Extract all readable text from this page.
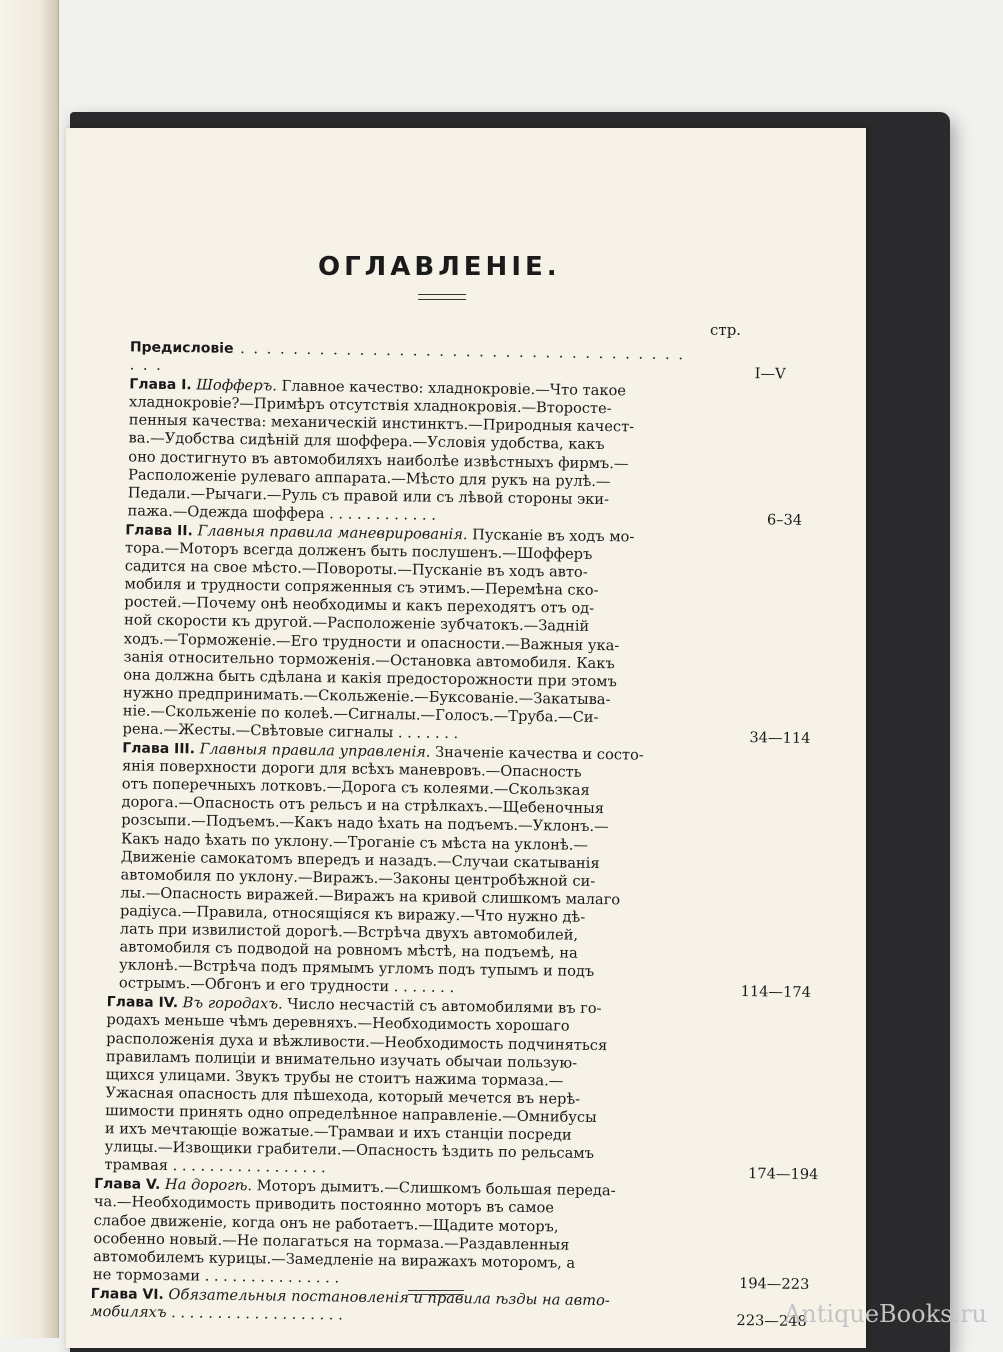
ОГЛАВЛЕНIЕ.
стр.
Предисловiе . . . . . . . . . . . . . . . . . . . . . . . . . . . . . . . . . . . . .	I—V
Глава I. Шофферъ. Главное качество: хладнокровiе.—Что такое
хладнокровiе?—Примѣръ отсутствiя хладнокровiя.—Второсте-
пенныя качества: механическiй инстинктъ.—Природныя качест-
ва.—Удобства сидѣнiй для шоффера.—Условiя удобства, какъ
оно достигнуто въ автомобиляхъ наиболѣе извѣстныхъ фирмъ.—
Расположенiе рулеваго аппарата.—Мѣсто для рукъ на рулѣ.—
Педали.—Рычаги.—Руль съ правой или съ лѣвой стороны эки-
пажа.—Одежда шоффера . . . . . . . . . . . .	6–34
Глава II. Главныя правила маневрированiя. Пусканiе въ ходъ мо-
тора.—Моторъ всегда долженъ быть послушенъ.—Шофферъ
садится на свое мѣсто.—Повороты.—Пусканiе въ ходъ авто-
мобиля и трудности сопряженныя съ этимъ.—Перемѣна ско-
ростей.—Почему онѣ необходимы и какъ переходятъ отъ од-
ной скорости къ другой.—Расположенiе зубчатокъ.—Заднiй
ходъ.—Торможенiе.—Его трудности и опасности.—Важныя ука-
занiя относительно торможенiя.—Остановка автомобиля. Какъ
она должна быть сдѣлана и какiя предосторожности при этомъ
нужно предпринимать.—Скольженiе.—Буксованiе.—Закатыва-
нiе.—Скольженiе по колеѣ.—Сигналы.—Голосъ.—Труба.—Си-
рена.—Жесты.—Свѣтовые сигналы . . . . . . .	34—114
Глава III. Главныя правила управленiя. Значенiе качества и состо-
янiя поверхности дороги для всѣхъ маневровъ.—Опасность
отъ поперечныхъ лотковъ.—Дорога съ колеями.—Скользкая
дорога.—Опасность отъ рельсъ и на стрѣлкахъ.—Щебеночныя
розсыпи.—Подъемъ.—Какъ надо ѣхать на подъемъ.—Уклонъ.—
Какъ надо ѣхать по уклону.—Троганiе съ мѣста на уклонѣ.—
Движенiе самокатомъ впередъ и назадъ.—Случаи скатыванiя
автомобиля по уклону.—Виражъ.—Законы центробѣжной си-
лы.—Опасность виражей.—Виражъ на кривой слишкомъ малаго
радiуса.—Правила, относящiяся къ виражу.—Что нужно дѣ-
лать при извилистой дорогѣ.—Встрѣча двухъ автомобилей,
автомобиля съ подводой на ровномъ мѣстѣ, на подъемѣ, на
уклонѣ.—Встрѣча подъ прямымъ угломъ подъ тупымъ и подъ
острымъ.—Обгонъ и его трудности . . . . . . .	114—174
Глава IV. Въ городахъ. Число несчастiй съ автомобилями въ го-
родахъ меньше чѣмъ деревняхъ.—Необходимость хорошаго
расположенiя духа и вѣжливости.—Необходимость подчиняться
правиламъ полицiи и внимательно изучать обычаи пользую-
щихся улицами. Звукъ трубы не стоитъ нажима тормаза.—
Ужасная опасность для пѣшехода, который мечется въ нерѣ-
шимости принять одно определѣнное направленiе.—Омнибусы
и ихъ мечтающiе вожатые.—Трамваи и ихъ станцiи посреди
улицы.—Извощики грабители.—Опасность ѣздить по рельсамъ
трамвая . . . . . . . . . . . . . . . . .	174—194
Глава V. На дорогѣ. Моторъ дымитъ.—Слишкомъ большая переда-
ча.—Необходимость приводить постоянно моторъ въ самое
слабое движенiе, когда онъ не работаетъ.—Щадите моторъ,
особенно новый.—Не полагаться на тормаза.—Раздавленныя
автомобилемъ курицы.—Замедленiе на виражахъ моторомъ, а
не тормозами . . . . . . . . . . . . . . .	194—223
Глава VI. Обязательныя постановленiя и правила ѣзды на авто-
мобиляхъ . . . . . . . . . . . . . . . . . . .	223—248
AntiqueBooks.ru
